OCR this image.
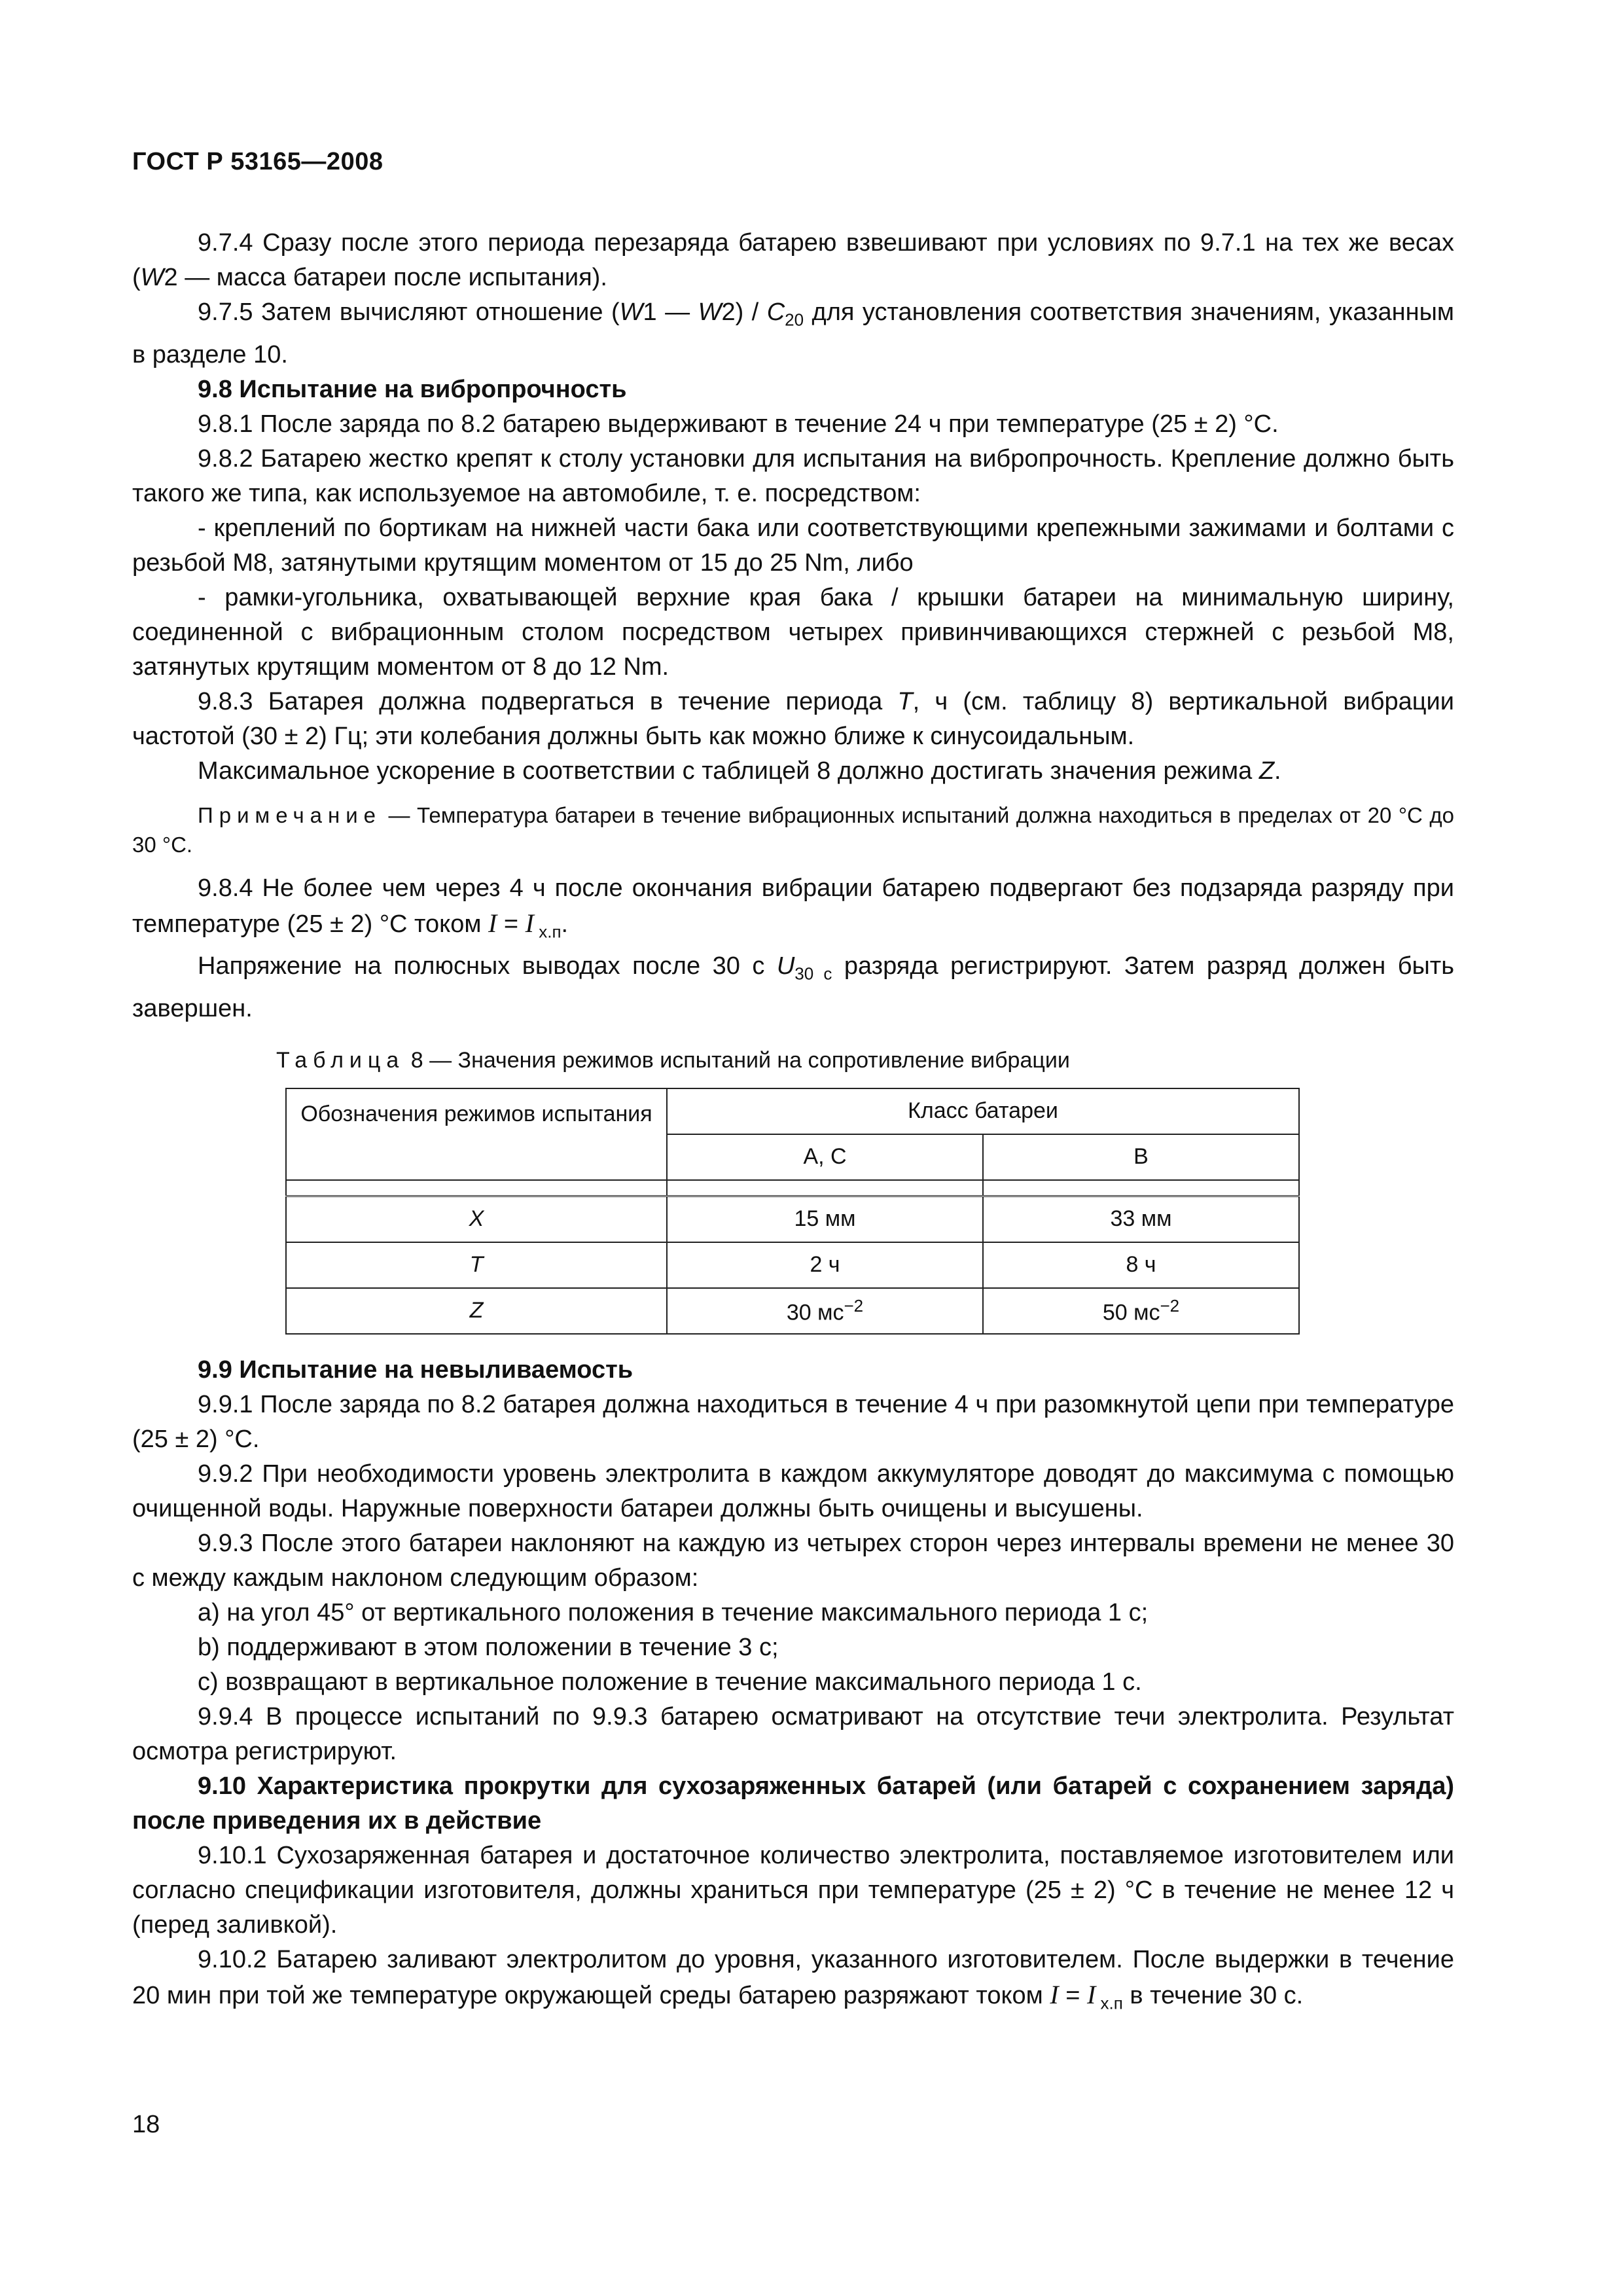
ГОСТ Р 53165—2008

9.7.4 Сразу после этого периода перезаряда батарею взвешивают при условиях по 9.7.1 на тех же весах (W2 — масса батареи после испытания).

9.7.5 Затем вычисляют отношение (W1 — $W2) / C_{20}$ для установления соответствия значениям, указанным в разделе 10.

9.8 Испытание на вибропрочность

9.8.1 После заряда по 8.2 батарею выдерживают в течение 24 ч при температуре (25 ± 2) °С.

9.8.2 Батарею жестко крепят к столу установки для испытания на вибропрочность. Крепление должно быть такого же типа, как используемое на автомобиле, т. е. посредством:

- креплений по бортикам на нижней части бака или соответствующими крепежными зажимами и болтами с резьбой М8, затянутыми крутящим моментом от 15 до 25 Nm, либо

- рамки-угольника, охватывающей верхние края бака / крышки батареи на минимальную ширину, соединенной с вибрационным столом посредством четырех привинчивающихся стержней с резьбой М8, затянутых крутящим моментом от 8 до 12 Nm.

9.8.3 Батарея должна подвергаться в течение периода T, ч (см. таблицу 8) вертикальной вибрации частотой (30 ± 2) Гц; эти колебания должны быть как можно ближе к синусоидальным.

Максимальное ускорение в соответствии с таблицей 8 должно достигать значения режима Z.

Примечание — Температура батареи в течение вибрационных испытаний должна находиться в пределах от 20 °С до 30 °С.

9.8.4 Не более чем через 4 ч после окончания вибрации батарею подвергают без подзаряда разряду при температуре (25 ± 2) °С током I = I $_{х.п}$.

Напряжение на полюсных выводах после 30 с $U_{30 с}$ разряда регистрируют. Затем разряд должен быть завершен.

Таблица 8 — Значения режимов испытаний на сопротивление вибрации
Обозначения режимов испытания	Класс батареи	
	А, С	В

X	15 мм	33 мм
T	2 ч	8 ч
Z	30 $мс^{-2}$	50 $мс^{-2}$

9.9 Испытание на невыливаемость

9.9.1 После заряда по 8.2 батарея должна находиться в течение 4 ч при разомкнутой цепи при температуре (25 ± 2) °С.

9.9.2 При необходимости уровень электролита в каждом аккумуляторе доводят до максимума с помощью очищенной воды. Наружные поверхности батареи должны быть очищены и высушены.

9.9.3 После этого батареи наклоняют на каждую из четырех сторон через интервалы времени не менее 30 с между каждым наклоном следующим образом:

а) на угол 45° от вертикального положения в течение максимального периода 1 с;

b) поддерживают в этом положении в течение 3 с;

с) возвращают в вертикальное положение в течение максимального периода 1 с.

9.9.4 В процессе испытаний по 9.9.3 батарею осматривают на отсутствие течи электролита. Результат осмотра регистрируют.

9.10 Характеристика прокрутки для сухозаряженных батарей (или батарей с сохранением заряда) после приведения их в действие

9.10.1 Сухозаряженная батарея и достаточное количество электролита, поставляемое изготовителем или согласно спецификации изготовителя, должны храниться при температуре (25 ± 2) °С в течение не менее 12 ч (перед заливкой).

9.10.2 Батарею заливают электролитом до уровня, указанного изготовителем. После выдержки в течение 20 мин при той же температуре окружающей среды батарею разряжают током I = I $_{х.п}$ в течение 30 с.

18
